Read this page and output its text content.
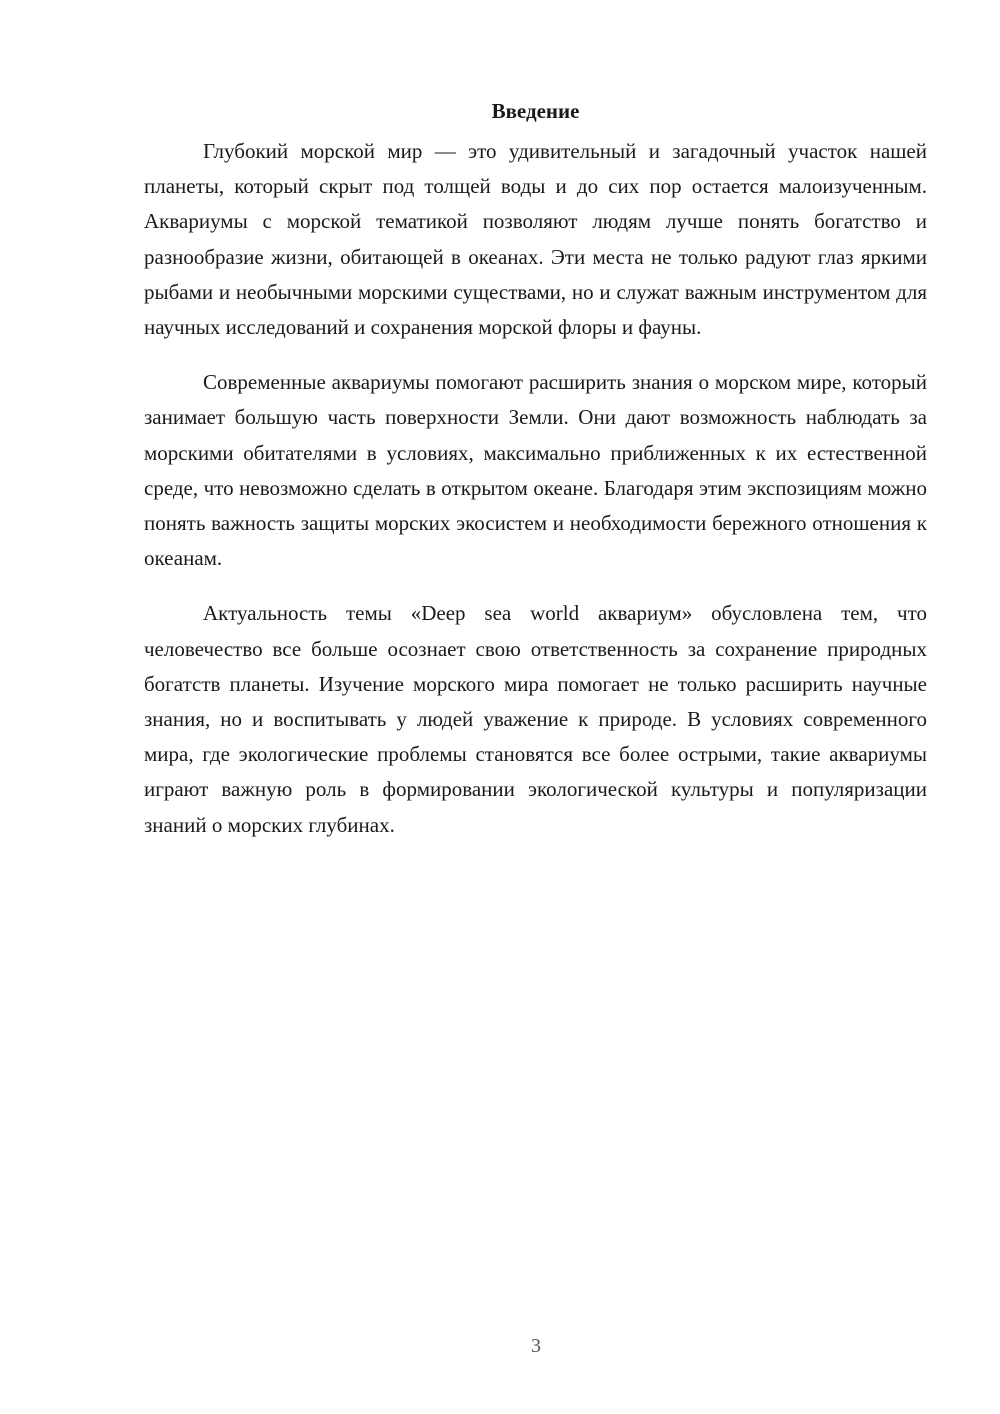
Введение

Глубокий морской мир — это удивительный и загадочный участок нашей планеты, который скрыт под толщей воды и до сих пор остается малоизученным. Аквариумы с морской тематикой позволяют людям лучше понять богатство и разнообразие жизни, обитающей в океанах. Эти места не только радуют глаз яркими рыбами и необычными морскими существами, но и служат важным инструментом для научных исследований и сохранения морской флоры и фауны.

Современные аквариумы помогают расширить знания о морском мире, который занимает большую часть поверхности Земли. Они дают возможность наблюдать за морскими обитателями в условиях, максимально приближенных к их естественной среде, что невозможно сделать в открытом океане. Благодаря этим экспозициям можно понять важность защиты морских экосистем и необходимости бережного отношения к океанам.

Актуальность темы «Deep sea world аквариум» обусловлена тем, что человечество все больше осознает свою ответственность за сохранение природных богатств планеты. Изучение морского мира помогает не только расширить научные знания, но и воспитывать у людей уважение к природе. В условиях современного мира, где экологические проблемы становятся все более острыми, такие аквариумы играют важную роль в формировании экологической культуры и популяризации знаний о морских глубинах.

3
